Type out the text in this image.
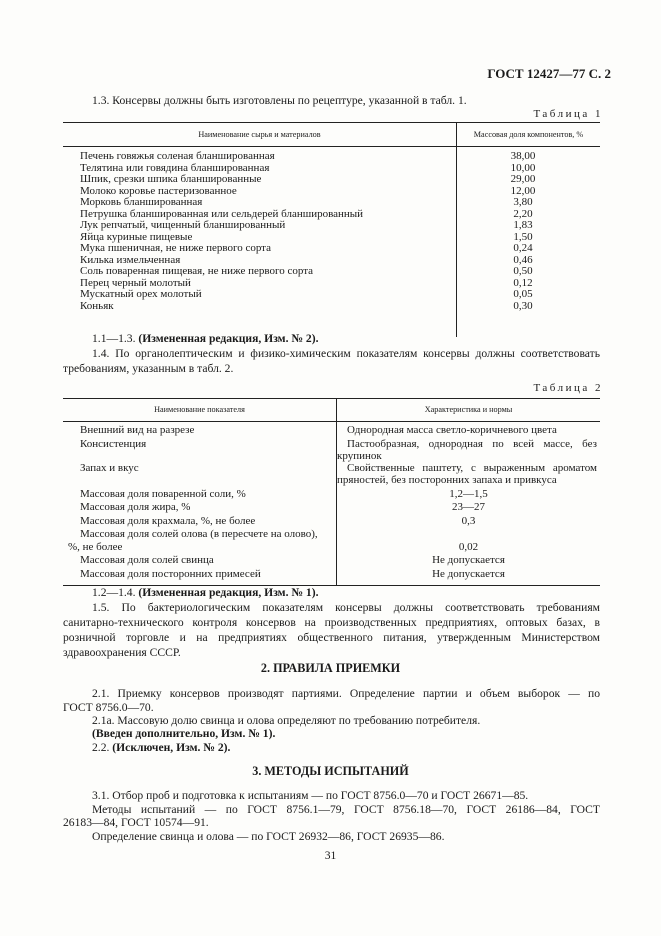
ГОСТ 12427—77 С. 2
1.3. Консервы должны быть изготовлены по рецептуре, указанной в табл. 1.
Таблица 1
Наименование сырья и материалов	Массовая доля компонентов, %
Печень говяжья соленая бланшированная	38,00
Телятина или говядина бланшированная	10,00
Шпик, срезки шпика бланшированные	29,00
Молоко коровье пастеризованное	12,00
Морковь бланшированная	3,80
Петрушка бланшированная или сельдерей бланшированный	2,20
Лук репчатый, чищенный бланшированный	1,83
Яйца куриные пищевые	1,50
Мука пшеничная, не ниже первого сорта	0,24
Килька измельченная	0,46
Соль поваренная пищевая, не ниже первого сорта	0,50
Перец черный молотый	0,12
Мускатный орех молотый	0,05
Коньяк	0,30
1.1—1.3. (Измененная редакция, Изм. № 2).
1.4. По органолептическим и физико-химическим показателям консервы должны соответствовать
требованиям, указанным в табл. 2.
Таблица 2
Наименование показателя	Характеристика и нормы
Внешний вид на разрезе	Однородная масса светло-коричневого цвета
Консистенция	Пастообразная, однородная по всей массе, без
крупинок
Запах и вкус	Свойственные паштету, с выраженным ароматом
пряностей, без посторонних запаха и привкуса
Массовая доля поваренной соли, %	1,2—1,5
Массовая доля жира, %	23—27
Массовая доля крахмала, %, не более	0,3
Массовая доля солей олова (в пересчете на олово),
%, не более	0,02
Массовая доля солей свинца	Не допускается
Массовая доля посторонних примесей	Не допускается
1.2—1.4. (Измененная редакция, Изм. № 1).
1.5. По бактериологическим показателям консервы должны соответствовать требованиям
санитарно-технического контроля консервов на производственных предприятиях, оптовых базах, в
розничной торговле и на предприятиях общественного питания, утвержденным Министерством
здравоохранения СССР.
2. ПРАВИЛА ПРИЕМКИ
2.1. Приемку консервов производят партиями. Определение партии и объем выборок — по
ГОСТ 8756.0—70.
2.1а. Массовую долю свинца и олова определяют по требованию потребителя.
(Введен дополнительно, Изм. № 1).
2.2. (Исключен, Изм. № 2).
3. МЕТОДЫ ИСПЫТАНИЙ
3.1. Отбор проб и подготовка к испытаниям — по ГОСТ 8756.0—70 и ГОСТ 26671—85.
Методы испытаний — по ГОСТ 8756.1—79, ГОСТ 8756.18—70, ГОСТ 26186—84, ГОСТ
26183—84, ГОСТ 10574—91.
Определение свинца и олова — по ГОСТ 26932—86, ГОСТ 26935—86.
31
